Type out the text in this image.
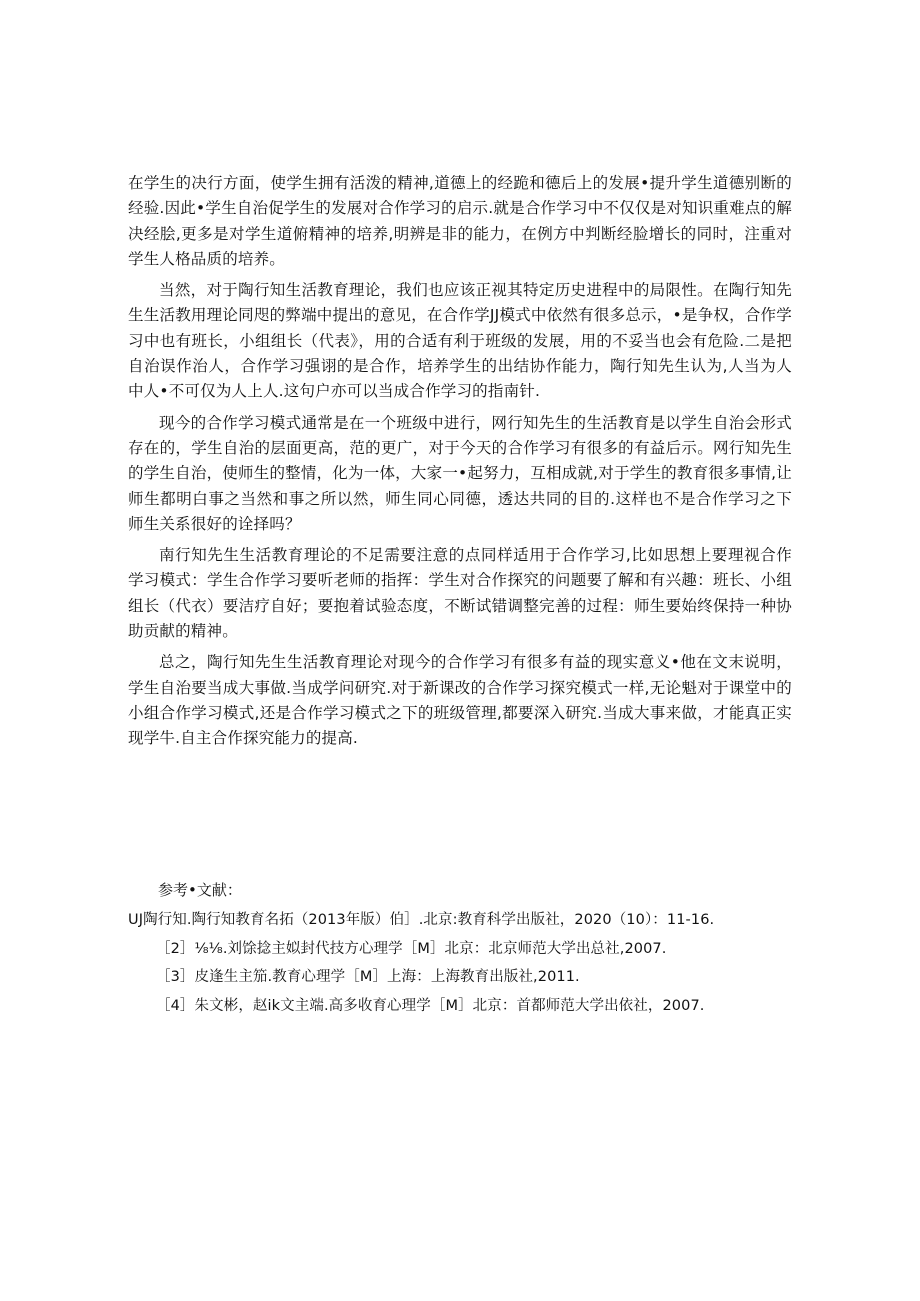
在学生的决行方面，使学生拥有活泼的精神,道德上的经跪和德后上的发展•提升学生道德别断的经验.因此•学生自治促学生的发展对合作学习的启示.就是合作学习中不仅仅是对知识重难点的解决经脍,更多是对学生道俯精神的培养,明辨是非的能力，在例方中判断经脸增长的同时，注重对学生人格品质的培养。

当然，对于陶行知生活教育理论，我们也应该正视其特定历史进程中的局限性。在陶行知先生生活教用理论同咫的弊端中提出的意见，在合作学JJ模式中依然有很多总示，•是争权，合作学习中也有班长，小组组长（代表》，用的合适有利于班级的发展，用的不妥当也会有危险.二是把自治误作治人，合作学习强诩的是合作，培养学生的出结协作能力，陶行知先生认为,人当为人中人•不可仅为人上人.这句户亦可以当成合作学习的指南针.

现今的合作学习模式通常是在一个班级中进行，网行知先生的生活教育是以学生自治会形式存在的，学生自治的层面更高，范的更广，对于今天的合作学习有很多的有益后示。网行知先生的学生自治，使师生的整情，化为一体，大家一•起努力，互相成就,对于学生的教育很多事情,让师生都明白事之当然和事之所以然，师生同心同德，透达共同的目的.这样也不是合作学习之下师生关系很好的诠择吗？

南行知先生生活教育理论的不足需要注意的点同样适用于合作学习,比如思想上要理视合作学习模式：学生合作学习要听老师的指挥：学生对合作探究的问题要了解和有兴趣：班长、小组组长（代衣）要洁疗自好；要抱着试验态度，不断试错调整完善的过程：师生要始终保持一种协助贡献的精神。

总之，陶行知先生生活教育理论对现今的合作学习有很多有益的现实意义•他在文末说明，学生自治要当成大事做.当成学问研究.对于新课改的合作学习探究模式一样,无论魁对于课堂中的小组合作学习模式,还是合作学习模式之下的班级管理,都要深入研究.当成大事来做，才能真正实现学牛.自主合作探究能力的提高.

参考•文献：

UJ陶行知.陶行知教育名拓（2013年版）伯］.北京:教育科学出版社，2020（10）：11-16.

［2］⅛⅛.刘馀捻主姒封代技方心理学［M］北京：北京师范大学出总社,2007.

［3］皮逢生主笳.教育心理学［M］上海：上海教育出版社,2011.

［4］朱文彬，赵ik文主端.高多收育心理学［M］北京：首都师范大学出依社，2007.
